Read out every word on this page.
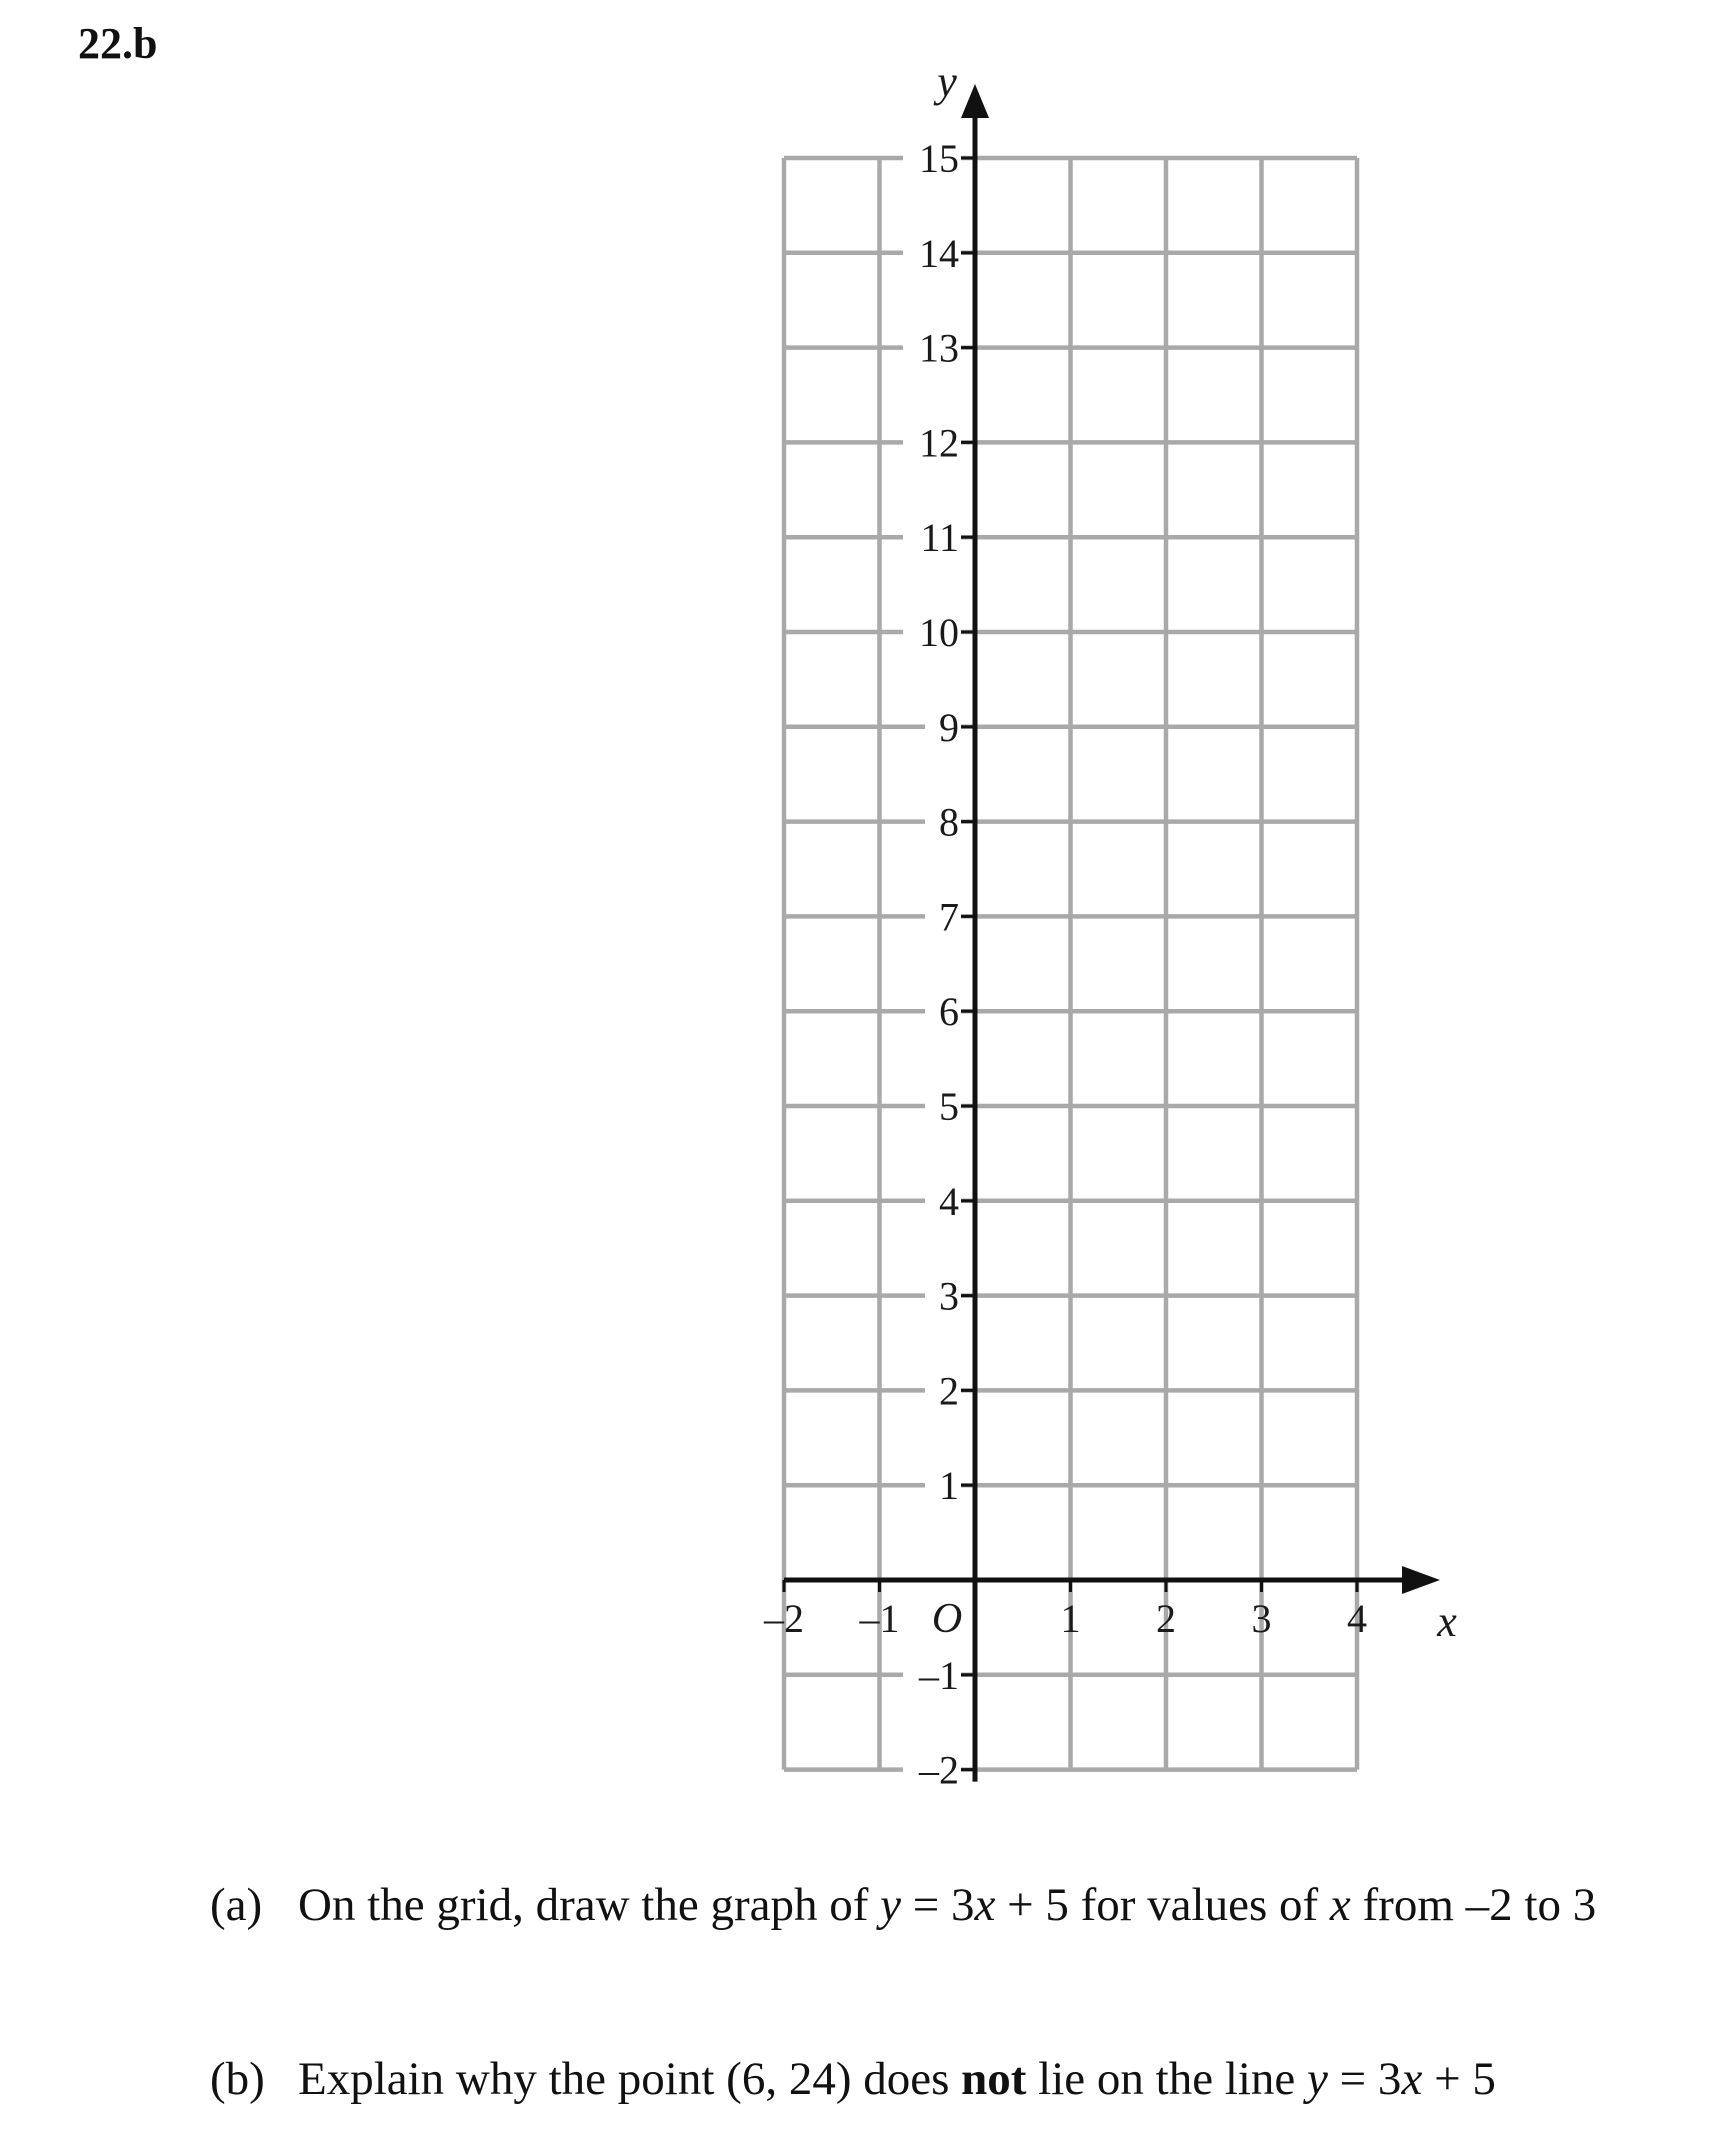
22.b
15
14
13
12
11
10
9
8
7
6
5
4
3
2
1
–1
–2
–2 –1	1 2 3 4
O	x
y
(a) On the grid, draw the graph of y = 3x + 5 for values of x from –2 to 3
(b) Explain why the point (6, 24) does not lie on the line y = 3x + 5
